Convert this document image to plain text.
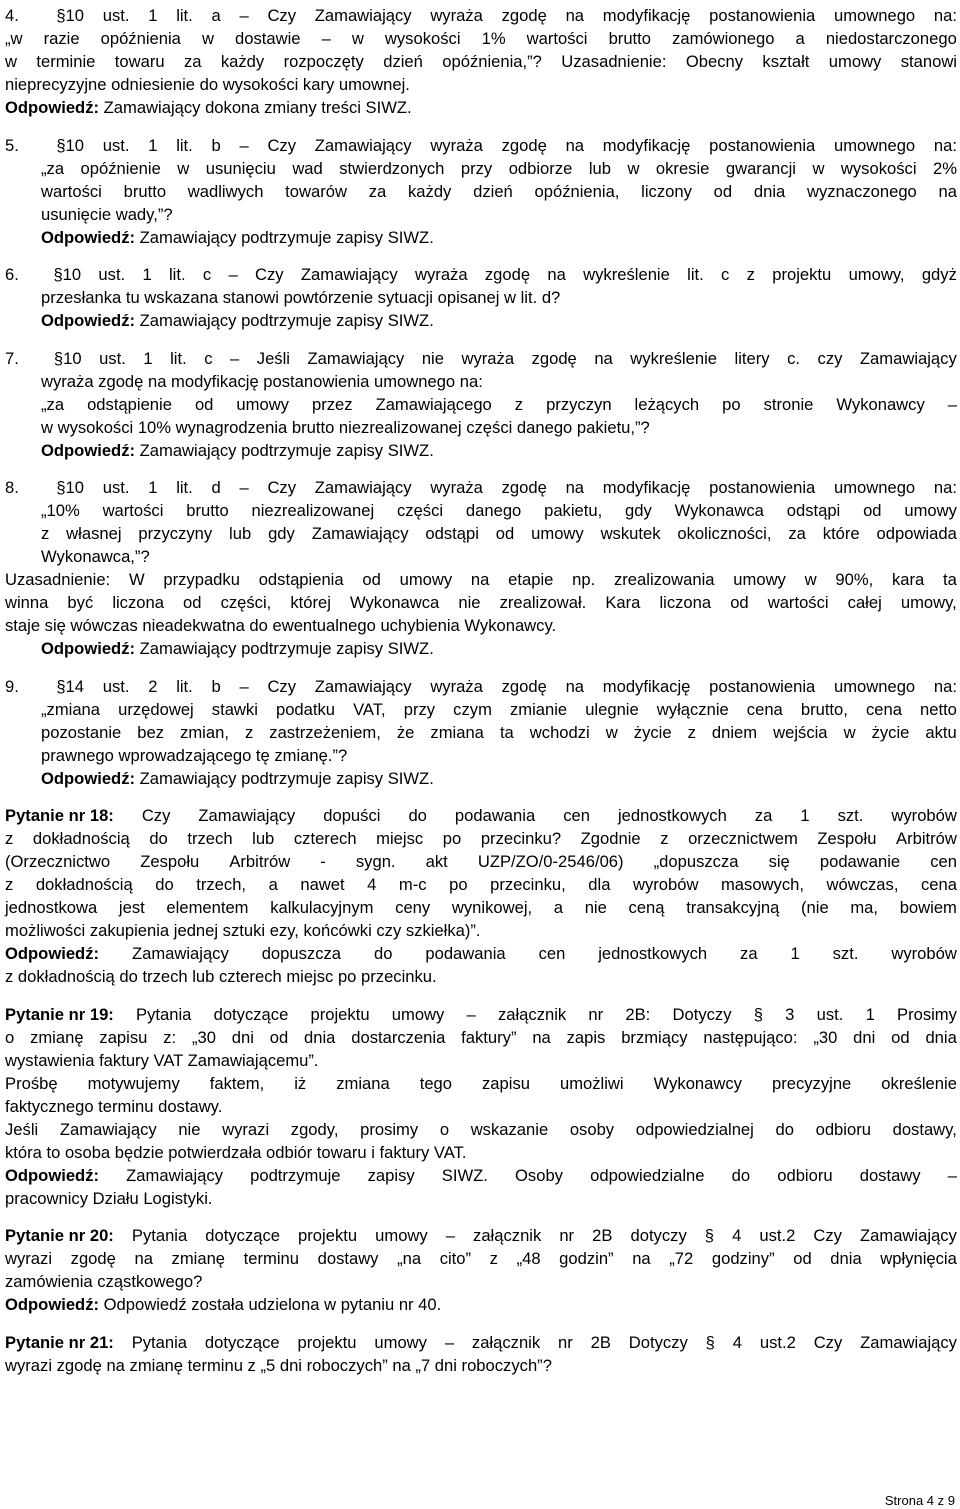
4. §10 ust. 1 lit. a – Czy Zamawiający wyraża zgodę na modyfikację postanowienia umownego na:
„w razie opóźnienia w dostawie – w wysokości 1% wartości brutto zamówionego a niedostarczonego
w terminie towaru za każdy rozpoczęty dzień opóźnienia,”? Uzasadnienie: Obecny kształt umowy stanowi
nieprecyzyjne odniesienie do wysokości kary umownej.
Odpowiedź: Zamawiający dokona zmiany treści SIWZ.
5. §10 ust. 1 lit. b – Czy Zamawiający wyraża zgodę na modyfikację postanowienia umownego na:
„za opóźnienie w usunięciu wad stwierdzonych przy odbiorze lub w okresie gwarancji w wysokości 2%
wartości brutto wadliwych towarów za każdy dzień opóźnienia, liczony od dnia wyznaczonego na
usunięcie wady,”?
Odpowiedź: Zamawiający podtrzymuje zapisy SIWZ.
6. §10 ust. 1 lit. c – Czy Zamawiający wyraża zgodę na wykreślenie lit. c z projektu umowy, gdyż
przesłanka tu wskazana stanowi powtórzenie sytuacji opisanej w lit. d?
Odpowiedź: Zamawiający podtrzymuje zapisy SIWZ.
7. §10 ust. 1 lit. c – Jeśli Zamawiający nie wyraża zgodę na wykreślenie litery c. czy Zamawiający
wyraża zgodę na modyfikację postanowienia umownego na:
„za odstąpienie od umowy przez Zamawiającego z przyczyn leżących po stronie Wykonawcy –
w wysokości 10% wynagrodzenia brutto niezrealizowanej części danego pakietu,”?
Odpowiedź: Zamawiający podtrzymuje zapisy SIWZ.
8. §10 ust. 1 lit. d – Czy Zamawiający wyraża zgodę na modyfikację postanowienia umownego na:
„10% wartości brutto niezrealizowanej części danego pakietu, gdy Wykonawca odstąpi od umowy
z własnej przyczyny lub gdy Zamawiający odstąpi od umowy wskutek okoliczności, za które odpowiada
Wykonawca,”?
Uzasadnienie: W przypadku odstąpienia od umowy na etapie np. zrealizowania umowy w 90%, kara ta
winna być liczona od części, której Wykonawca nie zrealizował. Kara liczona od wartości całej umowy,
staje się wówczas nieadekwatna do ewentualnego uchybienia Wykonawcy.
Odpowiedź: Zamawiający podtrzymuje zapisy SIWZ.
9. §14 ust. 2 lit. b – Czy Zamawiający wyraża zgodę na modyfikację postanowienia umownego na:
„zmiana urzędowej stawki podatku VAT, przy czym zmianie ulegnie wyłącznie cena brutto, cena netto
pozostanie bez zmian, z zastrzeżeniem, że zmiana ta wchodzi w życie z dniem wejścia w życie aktu
prawnego wprowadzającego tę zmianę.”?
Odpowiedź: Zamawiający podtrzymuje zapisy SIWZ.
Pytanie nr 18: Czy Zamawiający dopuści do podawania cen jednostkowych za 1 szt. wyrobów
z dokładnością do trzech lub czterech miejsc po przecinku? Zgodnie z orzecznictwem Zespołu Arbitrów
(Orzecznictwo Zespołu Arbitrów - sygn. akt UZP/ZO/0-2546/06) „dopuszcza się podawanie cen
z dokładnością do trzech, a nawet 4 m-c po przecinku, dla wyrobów masowych, wówczas, cena
jednostkowa jest elementem kalkulacyjnym ceny wynikowej, a nie ceną transakcyjną (nie ma, bowiem
możliwości zakupienia jednej sztuki ezy, końcówki czy szkiełka)”.
Odpowiedź: Zamawiający dopuszcza do podawania cen jednostkowych za 1 szt. wyrobów
z dokładnością do trzech lub czterech miejsc po przecinku.
Pytanie nr 19: Pytania dotyczące projektu umowy – załącznik nr 2B: Dotyczy § 3 ust. 1 Prosimy
o zmianę zapisu z: „30 dni od dnia dostarczenia faktury” na zapis brzmiący następująco: „30 dni od dnia
wystawienia faktury VAT Zamawiającemu”.
Prośbę motywujemy faktem, iż zmiana tego zapisu umożliwi Wykonawcy precyzyjne określenie
faktycznego terminu dostawy.
Jeśli Zamawiający nie wyrazi zgody, prosimy o wskazanie osoby odpowiedzialnej do odbioru dostawy,
która to osoba będzie potwierdzała odbiór towaru i faktury VAT.
Odpowiedź: Zamawiający podtrzymuje zapisy SIWZ. Osoby odpowiedzialne do odbioru dostawy –
pracownicy Działu Logistyki.
Pytanie nr 20: Pytania dotyczące projektu umowy – załącznik nr 2B dotyczy § 4 ust.2 Czy Zamawiający
wyrazi zgodę na zmianę terminu dostawy „na cito” z „48 godzin” na „72 godziny” od dnia wpłynięcia
zamówienia cząstkowego?
Odpowiedź: Odpowiedź została udzielona w pytaniu nr 40.
Pytanie nr 21: Pytania dotyczące projektu umowy – załącznik nr 2B Dotyczy § 4 ust.2 Czy Zamawiający
wyrazi zgodę na zmianę terminu z „5 dni roboczych” na „7 dni roboczych”?
Strona 4 z 9
